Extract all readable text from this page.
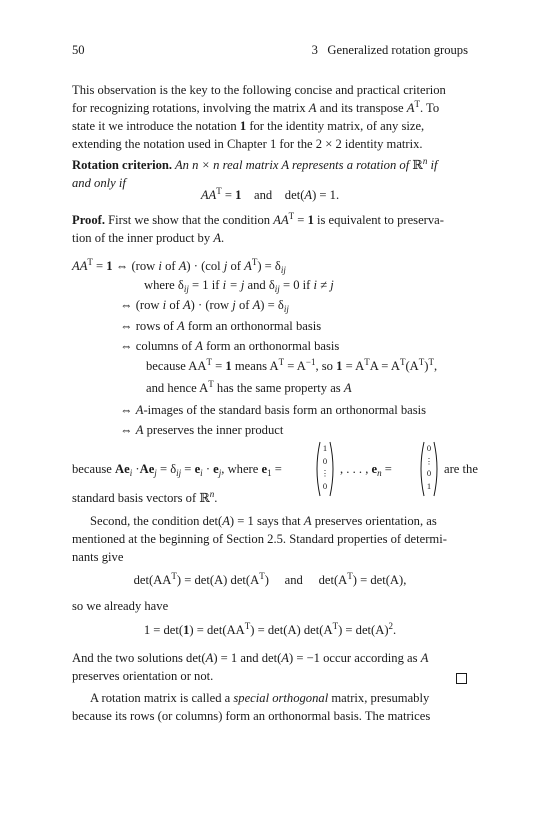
50	3   Generalized rotation groups
This observation is the key to the following concise and practical criterion
for recognizing rotations, involving the matrix A and its transpose $A^T$. To
state it we introduce the notation 1 for the identity matrix, of any size,
extending the notation used in Chapter 1 for the 2 × 2 identity matrix.
Rotation criterion. An n × n real matrix A represents a rotation of ℝ$^n$ if
and only if
$AA^T = 1$    and    det(A) = 1.
Proof. First we show that the condition $AA^T = 1$ is equivalent to preserva-
tion of the inner product by A.
$AA^T = 1$ ⇔ (row i of A) · (col j of $A^T) = \delta_{ij}$
where $\delta_{ij} = 1$ if i = j and $\delta_{ij} = 0$ if i ≠ j
⇔ (row i of A) · (row j of $A) = \delta_{ij}$
⇔ rows of A form an orthonormal basis
⇔ columns of A form an orthonormal basis
because $AA^T = 1$ means $A^T = A^{-1}$, so $1 = A^TA = A^T(A^T)^T$,
and hence $A^T$ has the same property as A
⇔ A-images of the standard basis form an orthonormal basis
⇔ A preserves the inner product
because $Ae_i \cdot Ae_j = \delta_{ij} = e_i \cdot e_j$, where $e_1$ =
1
0
⋮
0
, . . . , $e_n$ =
0
⋮
0
1
are the
standard basis vectors of ℝ$^n$.
Second, the condition det(A) = 1 says that A preserves orientation, as
mentioned at the beginning of Section 2.5. Standard properties of determi-
nants give
$\det(AA^T) = \det(A)$ $\det(A^T)$     and     $\det(A^T) = \det(A)$,
so we already have
$1 = \det(1) = \det(AA^T) = \det(A) \det(A^T) = \det(A)^2$.
And the two solutions det(A) = 1 and det(A) = −1 occur according as A
preserves orientation or not.
A rotation matrix is called a special orthogonal matrix, presumably
because its rows (or columns) form an orthonormal basis. The matrices
